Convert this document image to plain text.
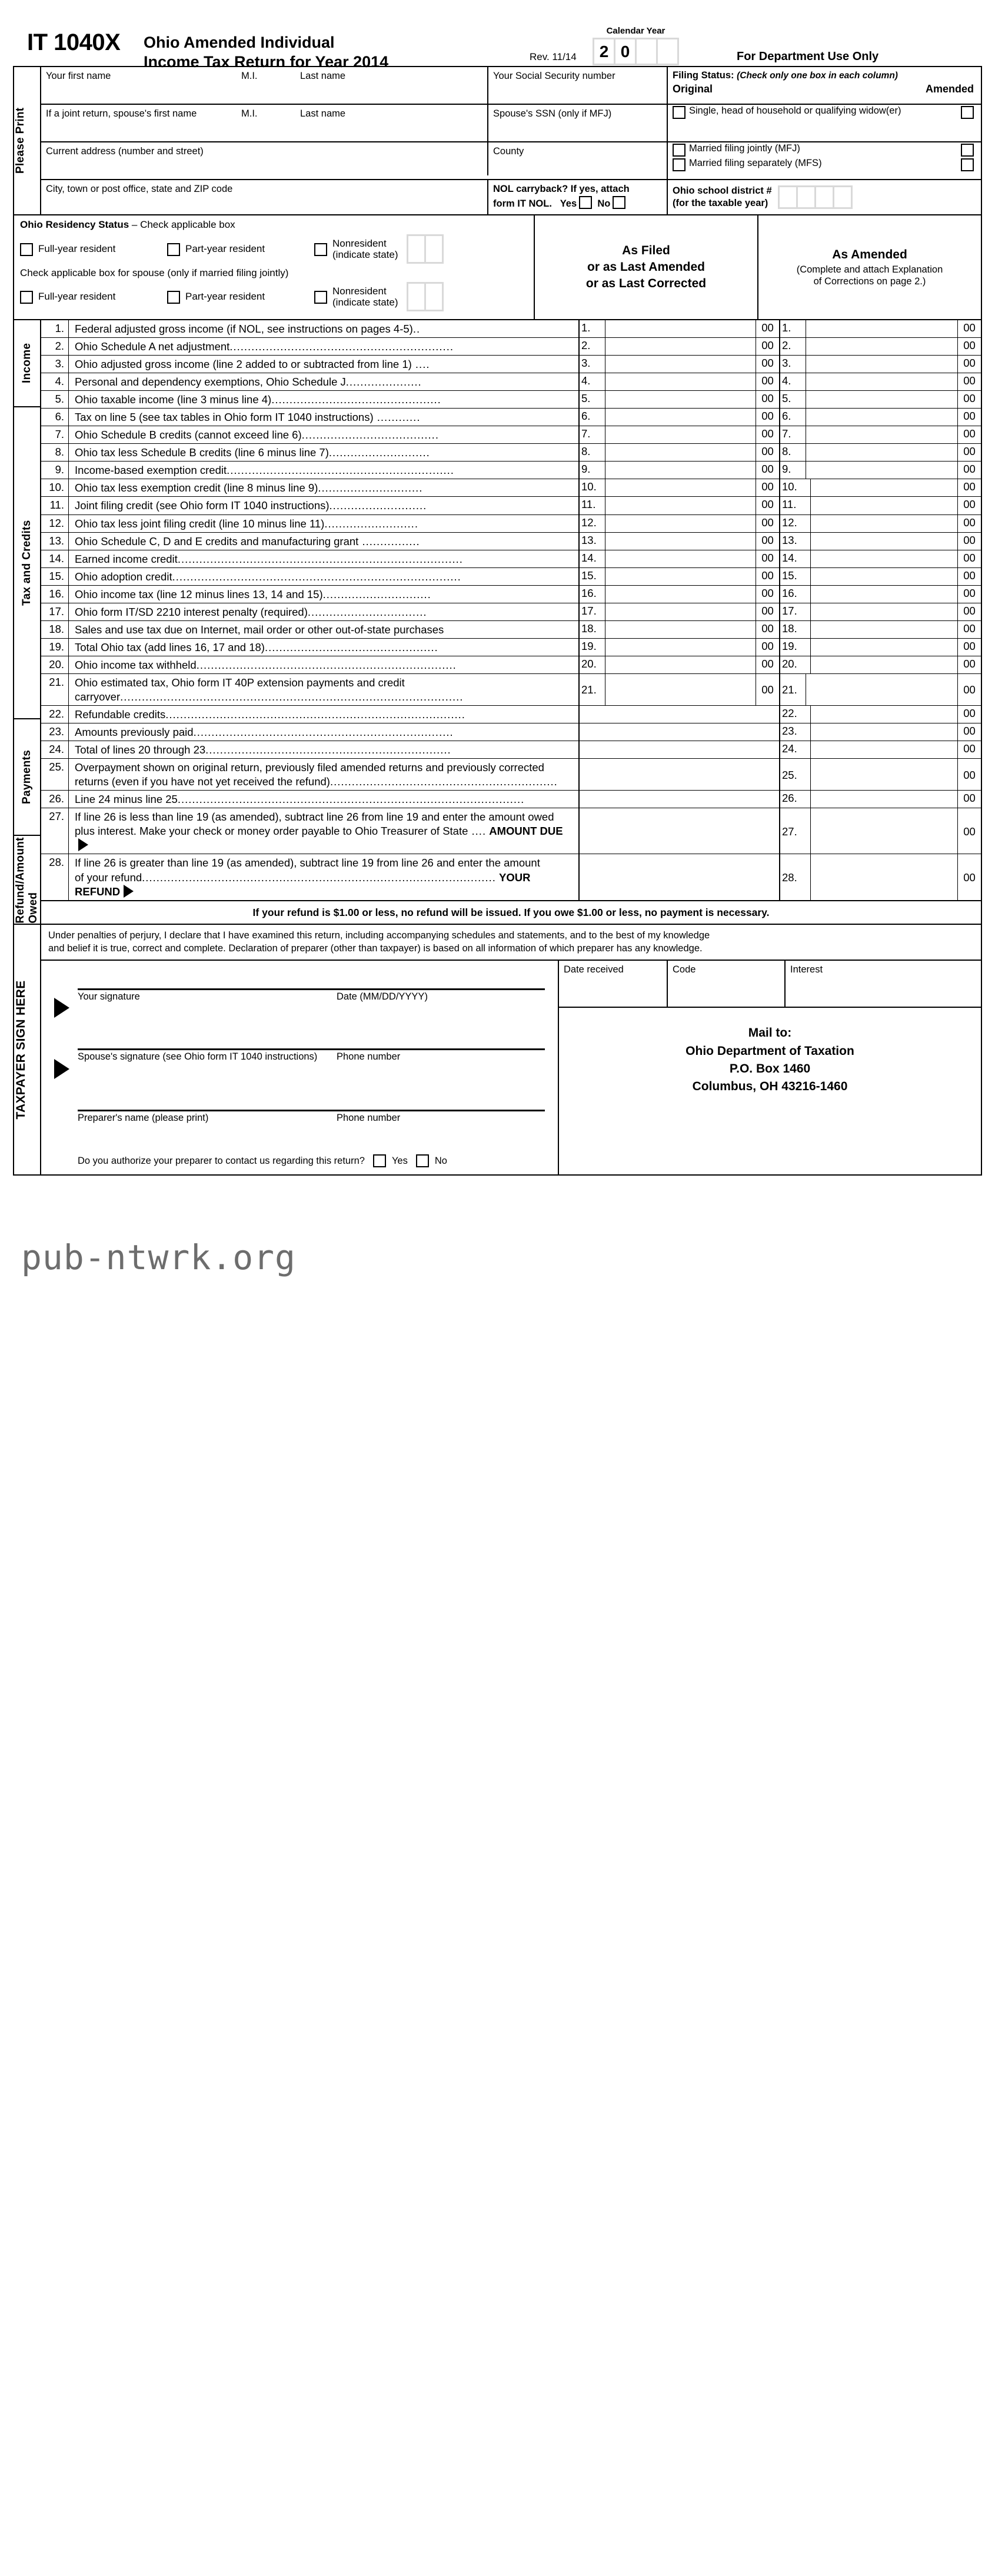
IT 1040X Ohio Amended Individual
Income Tax Return for Year 2014	Rev. 11/14
Calendar Year
2 0	For Department Use Only
Please Print
Your first name	M.I.	Last name	Your Social Security number	Filing Status: (Check only one box in each column)
Original	Amended
If a joint return, spouse's first name	M.I.	Last name	Spouse's SSN (only if MFJ)	Single, head of household or qualifying widow(er)
Current address (number and street)	County	Married filing jointly (MFJ)
Married filing separately (MFS)
City, town or post office, state and ZIP code	NOL carryback? If yes, attach
form IT NOL. Yes No
Ohio school district #
(for the taxable year)
Ohio Residency Status – Check applicable box
Full-year resident	Part-year resident	Nonresident
(indicate state)
Check applicable box for spouse (only if married filing jointly)
Full-year resident	Part-year resident	Nonresident
(indicate state)
As Filed
or as Last Amended
or as Last Corrected
As Amended
(Complete and attach Explanation
of Corrections on page 2.)
Income
Tax and Credits
Payments
Refund/Amount Owed
1. Federal adjusted gross income (if NOL, see instructions on pages 4-5)..	1.	00 1.	00
2. Ohio Schedule A net adjustment..............................................................	2.	00 2.	00
3. Ohio adjusted gross income (line 2 added to or subtracted from line 1) ....	3.	00 3.	00
4. Personal and dependency exemptions, Ohio Schedule J.....................	4.	00 4.	00
5. Ohio taxable income (line 3 minus line 4)...............................................	5.	00 5.	00
6. Tax on line 5 (see tax tables in Ohio form IT 1040 instructions) ............	6.	00 6.	00
7. Ohio Schedule B credits (cannot exceed line 6)......................................	7.	00 7.	00
8. Ohio tax less Schedule B credits (line 6 minus line 7)............................	8.	00 8.	00
9. Income-based exemption credit...............................................................	9.	00 9.	00
10. Ohio tax less exemption credit (line 8 minus line 9).............................	10.	00 10.	00
11. Joint filing credit (see Ohio form IT 1040 instructions)...........................	11.	00 11.	00
12. Ohio tax less joint filing credit (line 10 minus line 11)..........................	12.	00 12.	00
13. Ohio Schedule C, D and E credits and manufacturing grant ................	13.	00 13.	00
14. Earned income credit...............................................................................	14.	00 14.	00
15. Ohio adoption credit................................................................................	15.	00 15.	00
16. Ohio income tax (line 12 minus lines 13, 14 and 15)..............................	16.	00 16.	00
17. Ohio form IT/SD 2210 interest penalty (required).................................	17.	00 17.	00
18. Sales and use tax due on Internet, mail order or other out-of-state purchases	18.	00 18.	00
19. Total Ohio tax (add lines 16, 17 and 18)................................................	19.	00 19.	00
20. Ohio income tax withheld........................................................................	20.	00 20.	00
21. Ohio estimated tax, Ohio form IT 40P extension payments and credit
carryover...............................................................................................
21.	00 21.	00
22. Refundable credits...................................................................................	22.	00
23. Amounts previously paid........................................................................	23.	00
24. Total of lines 20 through 23....................................................................	24.	00
25. Overpayment shown on original return, previously filed amended returns and previously corrected
returns (even if you have not yet received the refund)...............................................................
25.	00
26. Line 24 minus line 25................................................................................................	26.	00
27. If line 26 is less than line 19 (as amended), subtract line 26 from line 19 and enter the amount owed
plus interest. Make your check or money order payable to Ohio Treasurer of State .... AMOUNT DUE	27.	00
28. If line 26 is greater than line 19 (as amended), subtract line 19 from line 26 and enter the amount
of your refund.................................................................................................. YOUR REFUND
28.	00
If your refund is $1.00 or less, no refund will be issued. If you owe $1.00 or less, no payment is necessary.
TAXPAYER SIGN HERE
Under penalties of perjury, I declare that I have examined this return, including accompanying schedules and statements, and to the best of my knowledge
and belief it is true, correct and complete. Declaration of preparer (other than taxpayer) is based on all information of which preparer has any knowledge.
Your signature	Date (MM/DD/YYYY)
Spouse's signature (see Ohio form IT 1040 instructions)	Phone number
Preparer's name (please print)	Phone number
Do you authorize your preparer to contact us regarding this return?	Yes	No
Date received	Code	Interest
Mail to:
Ohio Department of Taxation
P.O. Box 1460
Columbus, OH 43216-1460
pub-ntwrk.org
